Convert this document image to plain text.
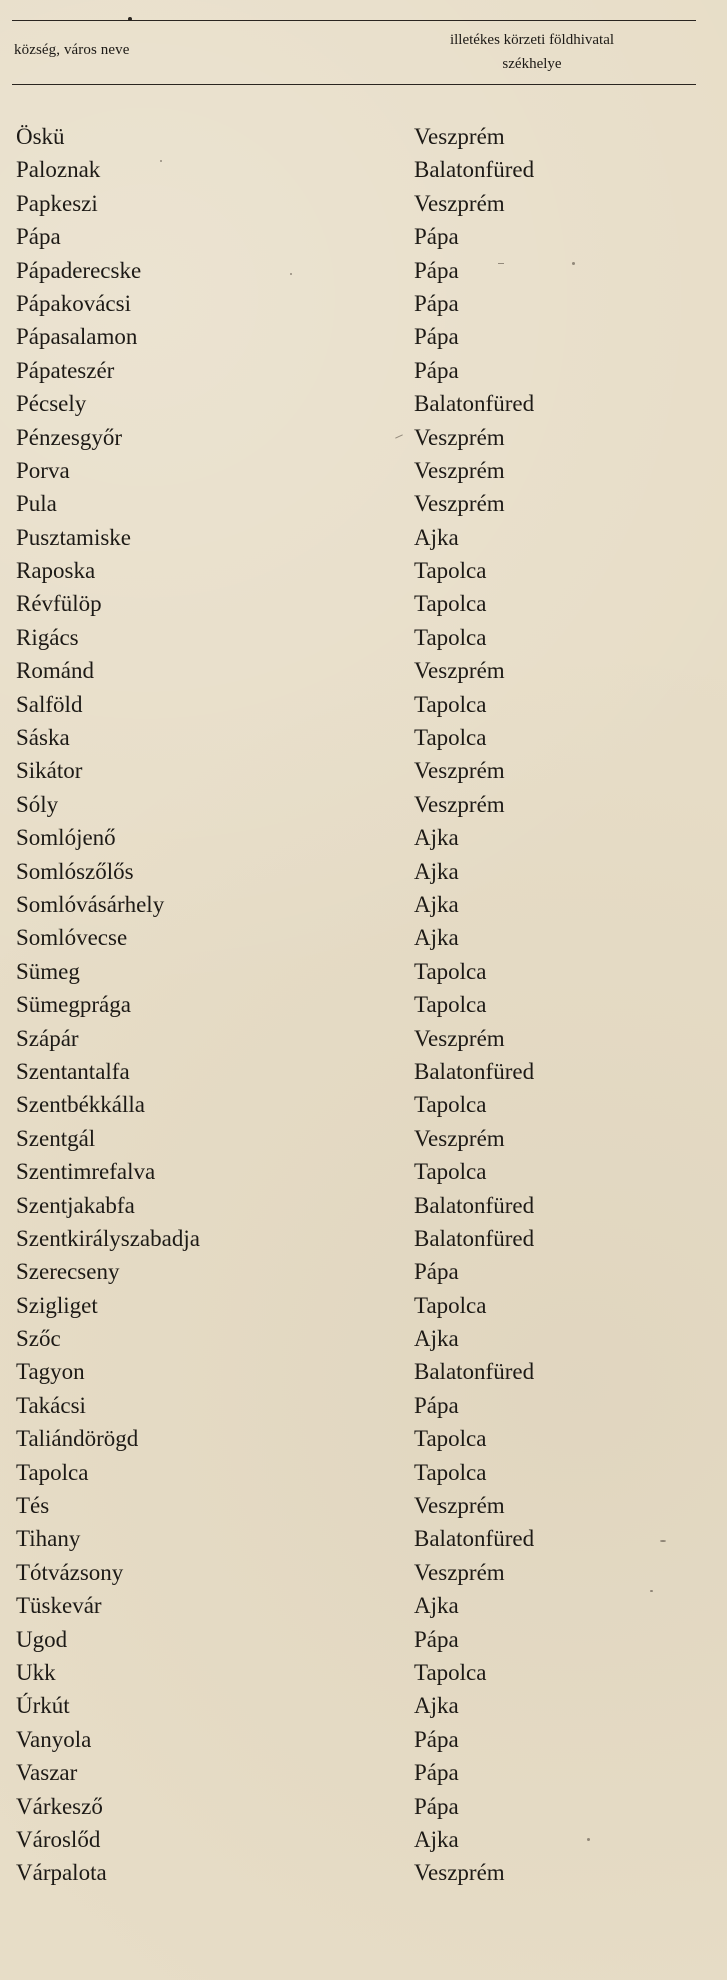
község, város neve
illetékes körzeti földhivatal
székhelye
Öskü	Veszprém
Paloznak	Balatonfüred
Papkeszi	Veszprém
Pápa	Pápa
Pápaderecske	Pápa
Pápakovácsi	Pápa
Pápasalamon	Pápa
Pápateszér	Pápa
Pécsely	Balatonfüred
Pénzesgyőr	Veszprém
Porva	Veszprém
Pula	Veszprém
Pusztamiske	Ajka
Raposka	Tapolca
Révfülöp	Tapolca
Rigács	Tapolca
Románd	Veszprém
Salföld	Tapolca
Sáska	Tapolca
Sikátor	Veszprém
Sóly	Veszprém
Somlójenő	Ajka
Somlószőlős	Ajka
Somlóvásárhely	Ajka
Somlóvecse	Ajka
Sümeg	Tapolca
Sümegprága	Tapolca
Szápár	Veszprém
Szentantalfa	Balatonfüred
Szentbékkálla	Tapolca
Szentgál	Veszprém
Szentimrefalva	Tapolca
Szentjakabfa	Balatonfüred
Szentkirályszabadja	Balatonfüred
Szerecseny	Pápa
Szigliget	Tapolca
Szőc	Ajka
Tagyon	Balatonfüred
Takácsi	Pápa
Taliándörögd	Tapolca
Tapolca	Tapolca
Tés	Veszprém
Tihany	Balatonfüred
Tótvázsony	Veszprém
Tüskevár	Ajka
Ugod	Pápa
Ukk	Tapolca
Úrkút	Ajka
Vanyola	Pápa
Vaszar	Pápa
Várkesző	Pápa
Városlőd	Ajka
Várpalota	Veszprém
